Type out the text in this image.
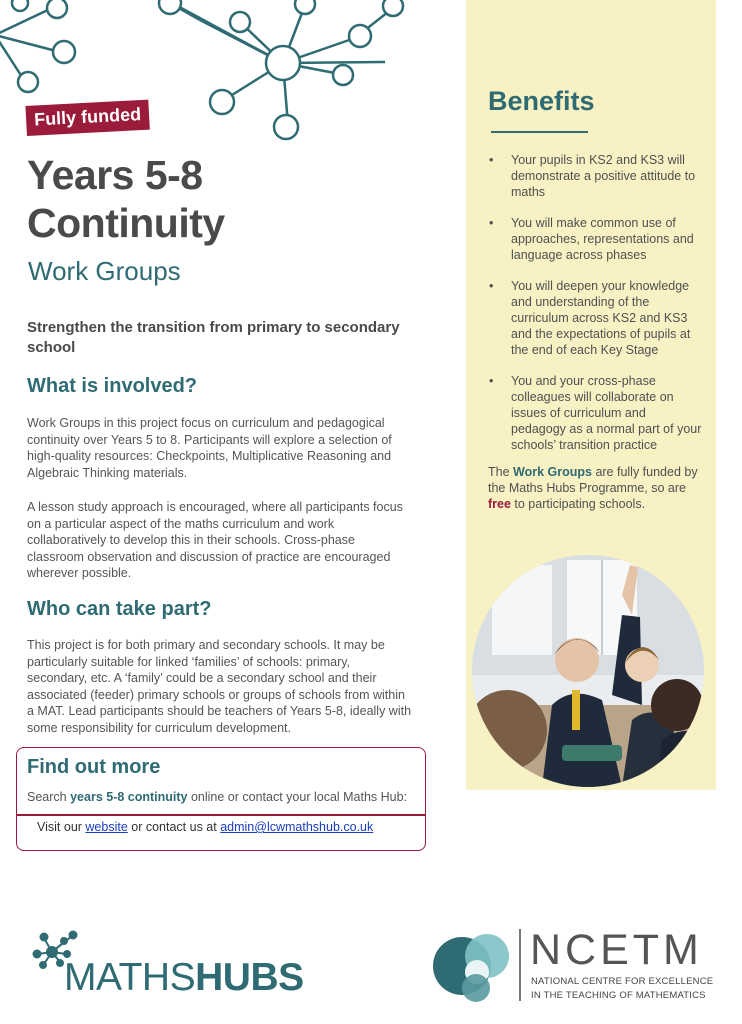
Fully funded
Years 5-8
Continuity
Work Groups

Strengthen the transition from primary to secondary school

What is involved?

Work Groups in this project focus on curriculum and pedagogical continuity over Years 5 to 8. Participants will explore a selection of high-quality resources: Checkpoints, Multiplicative Reasoning and Algebraic Thinking materials.

A lesson study approach is encouraged, where all participants focus on a particular aspect of the maths curriculum and work collaboratively to develop this in their schools. Cross-phase classroom observation and discussion of practice are encouraged wherever possible.

Who can take part?

This project is for both primary and secondary schools. It may be particularly suitable for linked ‘families’ of schools: primary, secondary, etc. A ‘family’ could be a secondary school and their associated (feeder) primary schools or groups of schools from within a MAT. Lead participants should be teachers of Years 5-8, ideally with some responsibility for curriculum development.

Find out more

Search years 5-8 continuity online or contact your local Maths Hub:

Visit our website or contact us at admin@lcwmathshub.co.uk

Benefits
• Your pupils in KS2 and KS3 will demonstrate a positive attitude to maths
• You will make common use of approaches, representations and language across phases
• You will deepen your knowledge and understanding of the curriculum across KS2 and KS3 and the expectations of pupils at the end of each Key Stage
• You and your cross-phase colleagues will collaborate on issues of curriculum and pedagogy as a normal part of your schools’ transition practice

The Work Groups are fully funded by the Maths Hubs Programme, so are free to participating schools.

MATHSHUBS
NCETM
NATIONAL CENTRE FOR EXCELLENCE
IN THE TEACHING OF MATHEMATICS
